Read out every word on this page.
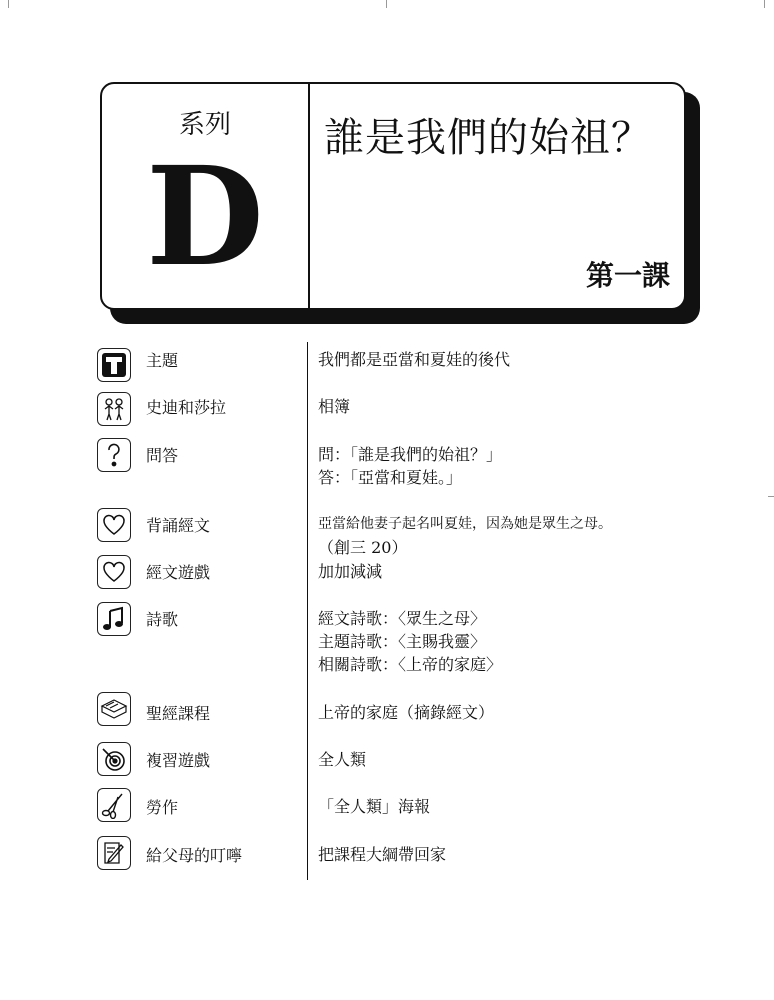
系列
D	誰是我們的始祖？
第一課
主題	我們都是亞當和夏娃的後代
史迪和莎拉	相簿
問答	問：「誰是我們的始祖？」
答：「亞當和夏娃。」
背誦經文	亞當給他妻子起名叫夏娃，因為她是眾生之母。
（創三 20）
經文遊戲	加加減減
詩歌	經文詩歌：〈眾生之母〉
主題詩歌：〈主賜我靈〉
相關詩歌：〈上帝的家庭〉
聖經課程	上帝的家庭（摘錄經文）
複習遊戲	全人類
勞作	「全人類」海報
給父母的叮嚀	把課程大綱帶回家
